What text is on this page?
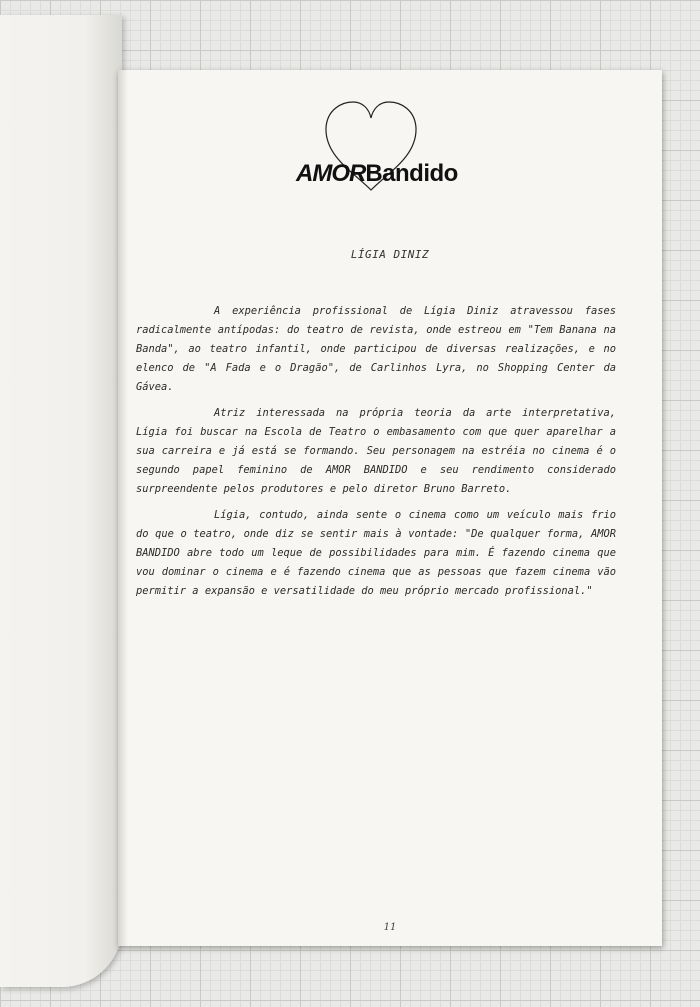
AMORBandido
LÍGIA DINIZ

A experiência profissional de Lígia Diniz atravessou fases radicalmente antípodas: do teatro de revista, onde estreou em "Tem Banana na Banda", ao teatro infantil, onde participou de diversas realizações, e no elenco de "A Fada e o Dragão", de Carlinhos Lyra, no Shopping Center da Gávea.

Atriz interessada na própria teoria da arte interpretativa, Lígia foi buscar na Escola de Teatro o embasamento com que quer aparelhar a sua carreira e já está se formando. Seu personagem na estréia no cinema é o segundo papel feminino de AMOR BANDIDO e seu rendimento considerado surpreendente pelos produtores e pelo diretor Bruno Barreto.

Lígia, contudo, ainda sente o cinema como um veículo mais frio do que o teatro, onde diz se sentir mais à vontade: "De qualquer forma, AMOR BANDIDO abre todo um leque de possibilidades para mim. É fazendo cinema que vou dominar o cinema e é fazendo cinema que as pessoas que fazem cinema vão permitir a expansão e versatilidade do meu próprio mercado profissional."

11
